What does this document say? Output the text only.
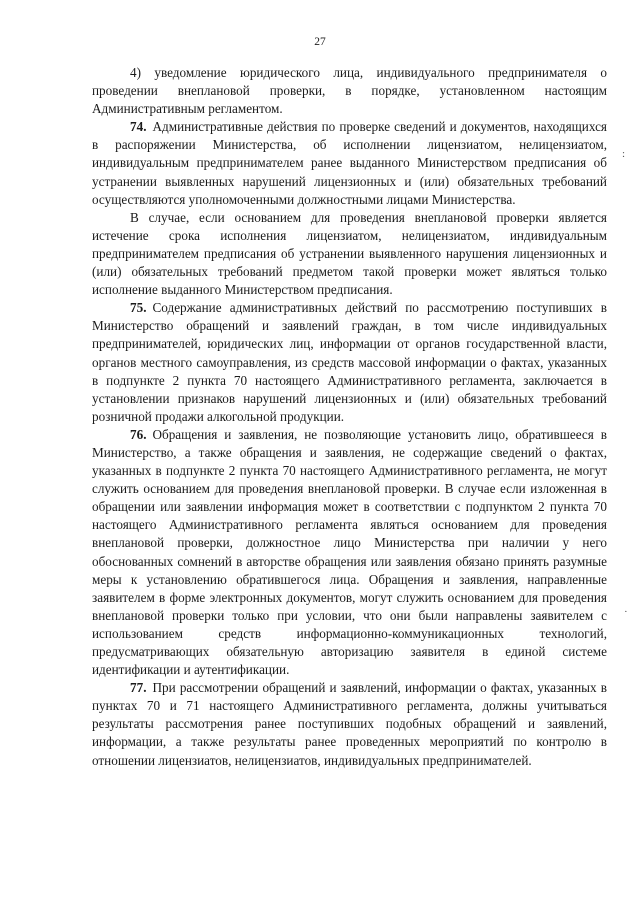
27

4) уведомление юридического лица, индивидуального предпринимателя о проведении внеплановой проверки, в порядке, установленном настоящим Административным регламентом.

74. Административные действия по проверке сведений и документов, находящихся в распоряжении Министерства, об исполнении лицензиатом, нелицензиатом, индивидуальным предпринимателем ранее выданного Министерством предписания об устранении выявленных нарушений лицензионных и (или) обязательных требований осуществляются уполномоченными должностными лицами Министерства.

В случае, если основанием для проведения внеплановой проверки является истечение срока исполнения лицензиатом, нелицензиатом, индивидуальным предпринимателем предписания об устранении выявленного нарушения лицензионных и (или) обязательных требований предметом такой проверки может являться только исполнение выданного Министерством предписания.

75. Содержание административных действий по рассмотрению поступивших в Министерство обращений и заявлений граждан, в том числе индивидуальных предпринимателей, юридических лиц, информации от органов государственной власти, органов местного самоуправления, из средств массовой информации о фактах, указанных в подпункте 2 пункта 70 настоящего Административного регламента, заключается в установлении признаков нарушений лицензионных и (или) обязательных требований розничной продажи алкогольной продукции.

76. Обращения и заявления, не позволяющие установить лицо, обратившееся в Министерство, а также обращения и заявления, не содержащие сведений о фактах, указанных в подпункте 2 пункта 70 настоящего Административного регламента, не могут служить основанием для проведения внеплановой проверки. В случае если изложенная в обращении или заявлении информация может в соответствии с подпунктом 2 пункта 70 настоящего Административного регламента являться основанием для проведения внеплановой проверки, должностное лицо Министерства при наличии у него обоснованных сомнений в авторстве обращения или заявления обязано принять разумные меры к установлению обратившегося лица. Обращения и заявления, направленные заявителем в форме электронных документов, могут служить основанием для проведения внеплановой проверки только при условии, что они были направлены заявителем с использованием средств информационно-коммуникационных технологий, предусматривающих обязательную авторизацию заявителя в единой системе идентификации и аутентификации.

77. При рассмотрении обращений и заявлений, информации о фактах, указанных в пунктах 70 и 71 настоящего Административного регламента, должны учитываться результаты рассмотрения ранее поступивших подобных обращений и заявлений, информации, а также результаты ранее проведенных мероприятий по контролю в отношении лицензиатов, нелицензиатов, индивидуальных предпринимателей.

:
·
